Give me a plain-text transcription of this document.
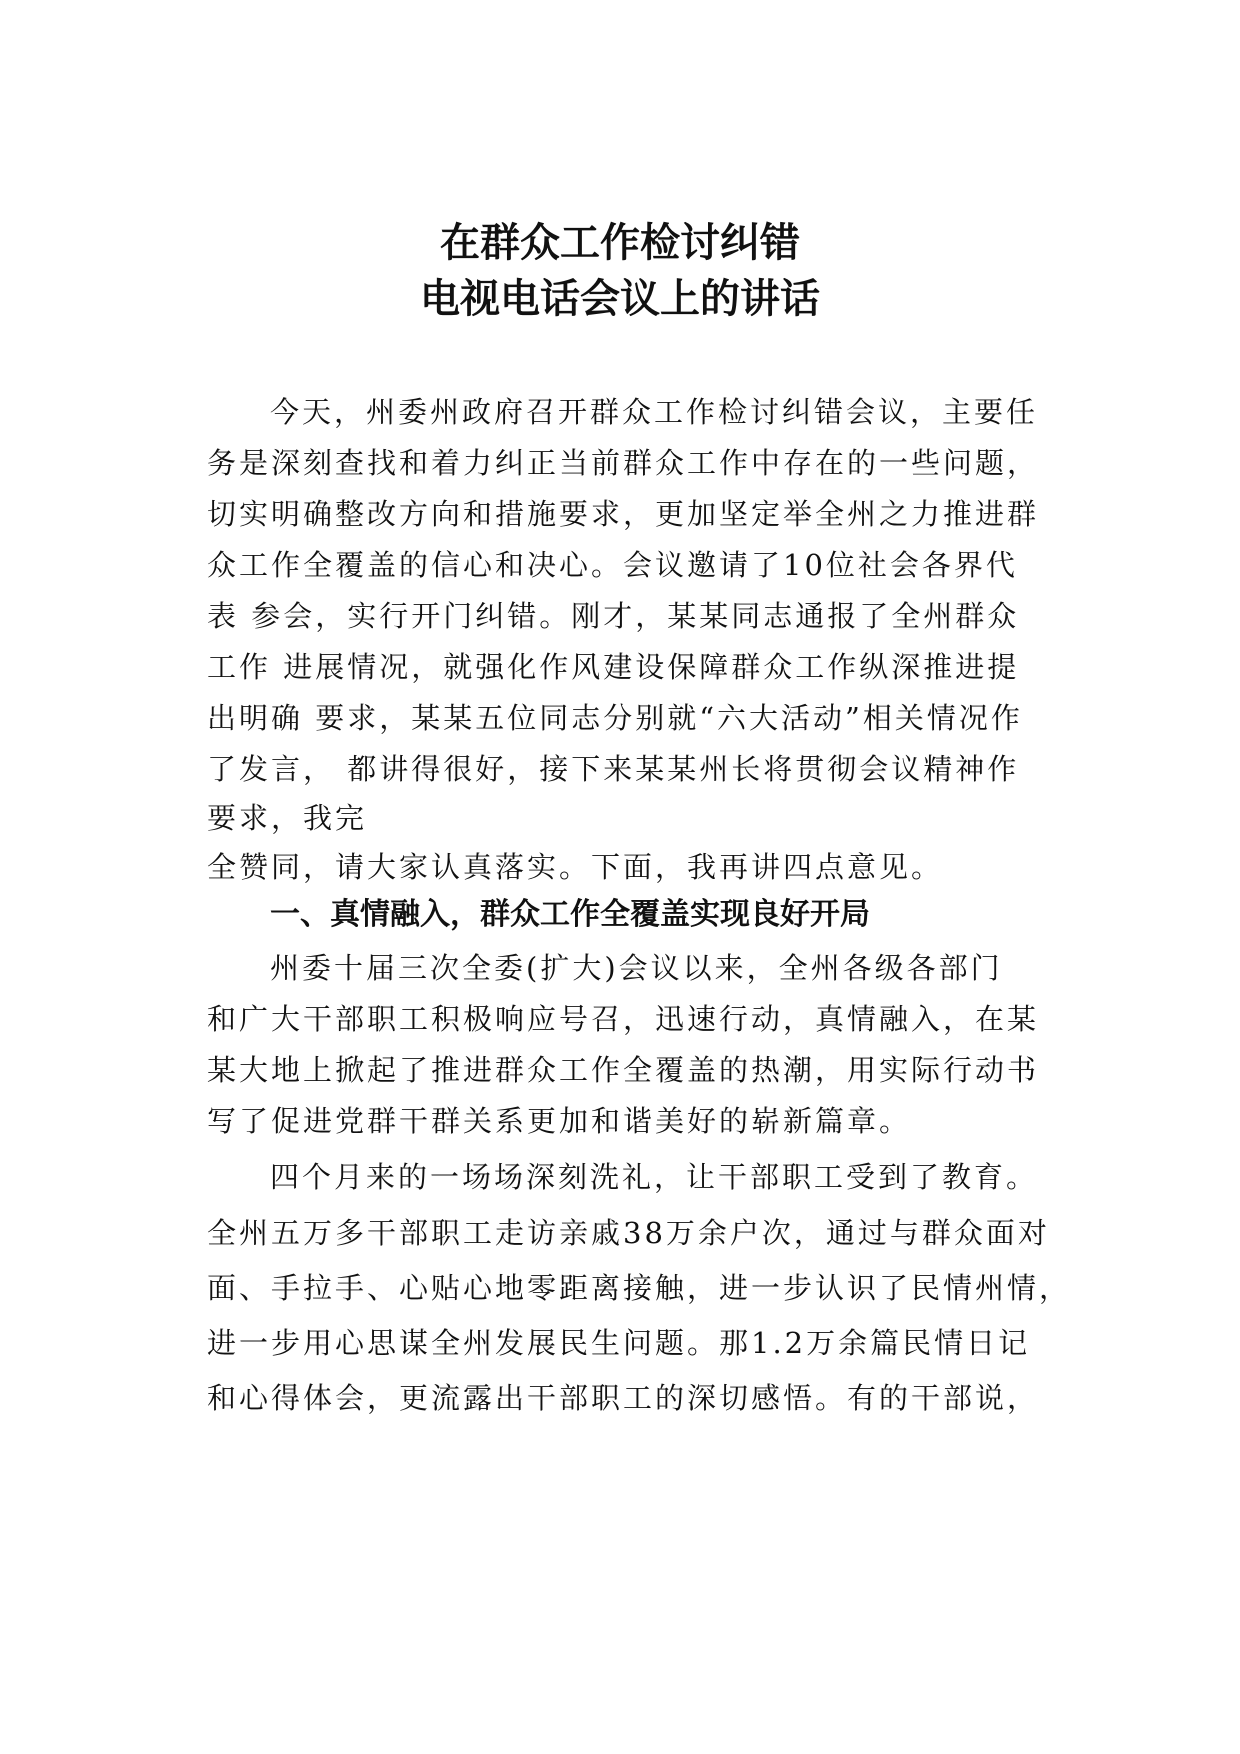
在群众工作检讨纠错
电视电话会议上的讲话
今天，州委州政府召开群众工作检讨纠错会议，主要任
务是深刻查找和着力纠正当前群众工作中存在的一些问题，
切实明确整改方向和措施要求，更加坚定举全州之力推进群
众工作全覆盖的信心和决心。会议邀请了10位社会各界代
表 参会，实行开门纠错。刚才，某某同志通报了全州群众
工作 进展情况，就强化作风建设保障群众工作纵深推进提
出明确 要求，某某五位同志分别就“六大活动”相关情况作
了发言， 都讲得很好，接下来某某州长将贯彻会议精神作
要求，我完
全赞同，请大家认真落实。下面，我再讲四点意见。
一、真情融入，群众工作全覆盖实现良好开局
州委十届三次全委(扩大)会议以来，全州各级各部门
和广大干部职工积极响应号召，迅速行动，真情融入，在某
某大地上掀起了推进群众工作全覆盖的热潮，用实际行动书
写了促进党群干群关系更加和谐美好的崭新篇章。
四个月来的一场场深刻洗礼，让干部职工受到了教育。
全州五万多干部职工走访亲戚38万余户次，通过与群众面对
面、手拉手、心贴心地零距离接触，进一步认识了民情州情，
进一步用心思谋全州发展民生问题。那1.2万余篇民情日记
和心得体会，更流露出干部职工的深切感悟。有的干部说，
